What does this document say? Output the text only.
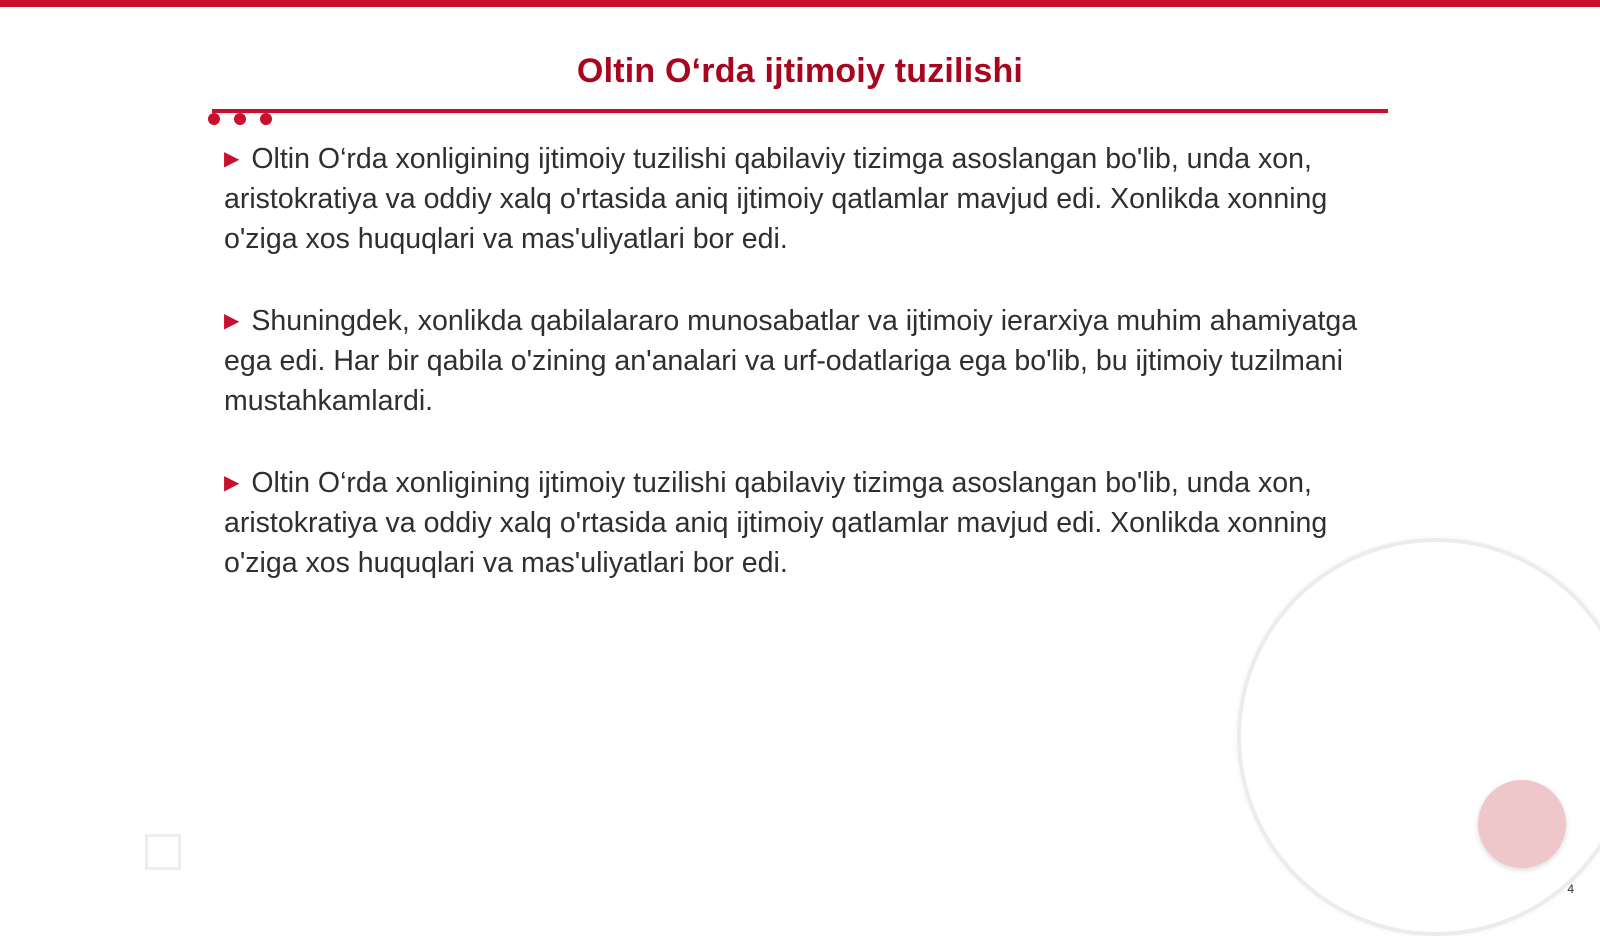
Oltin O‘rda ijtimoiy tuzilishi

▶ Oltin O‘rda xonligining ijtimoiy tuzilishi qabilaviy tizimga asoslangan bo'lib, unda xon, aristokratiya va oddiy xalq o'rtasida aniq ijtimoiy qatlamlar mavjud edi. Xonlikda xonning o'ziga xos huquqlari va mas'uliyatlari bor edi.

▶ Shuningdek, xonlikda qabilalararo munosabatlar va ijtimoiy ierarxiya muhim ahamiyatga ega edi. Har bir qabila o'zining an'analari va urf-odatlariga ega bo'lib, bu ijtimoiy tuzilmani mustahkamlardi.

▶ Oltin O‘rda xonligining ijtimoiy tuzilishi qabilaviy tizimga asoslangan bo'lib, unda xon, aristokratiya va oddiy xalq o'rtasida aniq ijtimoiy qatlamlar mavjud edi. Xonlikda xonning o'ziga xos huquqlari va mas'uliyatlari bor edi.

4
